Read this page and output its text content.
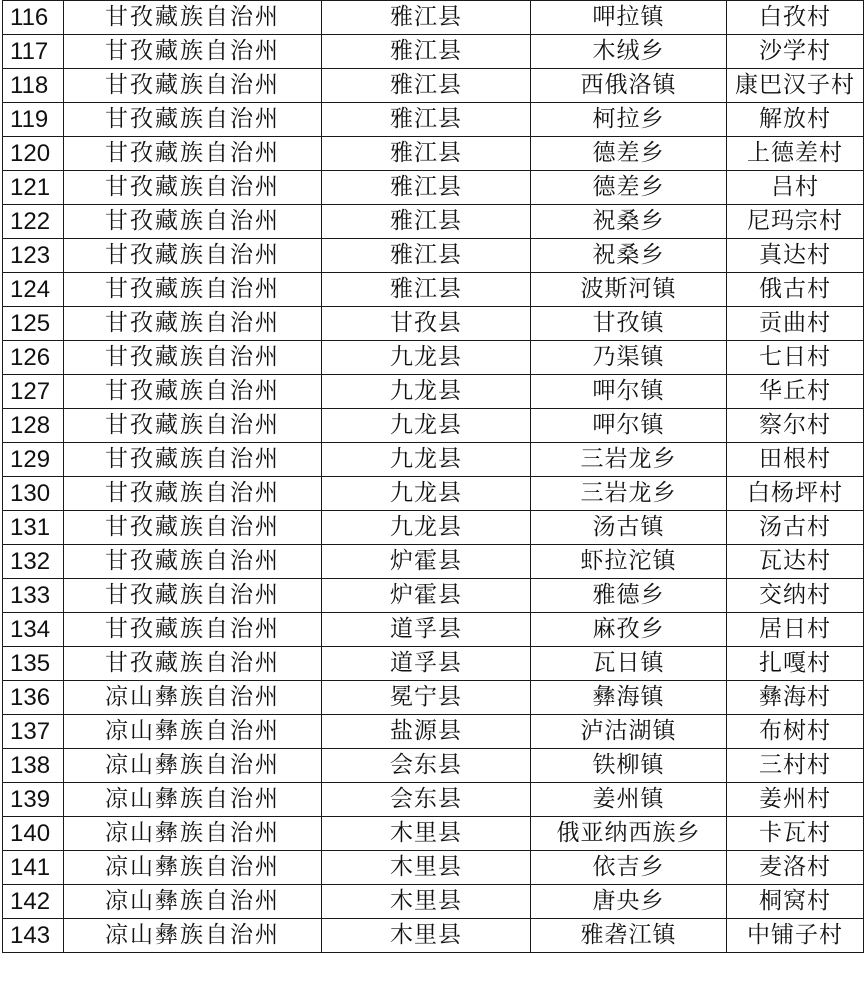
116	甘孜藏族自治州	雅江县	呷拉镇	白孜村
117	甘孜藏族自治州	雅江县	木绒乡	沙学村
118	甘孜藏族自治州	雅江县	西俄洛镇	康巴汉子村
119	甘孜藏族自治州	雅江县	柯拉乡	解放村
120	甘孜藏族自治州	雅江县	德差乡	上德差村
121	甘孜藏族自治州	雅江县	德差乡	吕村
122	甘孜藏族自治州	雅江县	祝桑乡	尼玛宗村
123	甘孜藏族自治州	雅江县	祝桑乡	真达村
124	甘孜藏族自治州	雅江县	波斯河镇	俄古村
125	甘孜藏族自治州	甘孜县	甘孜镇	贡曲村
126	甘孜藏族自治州	九龙县	乃渠镇	七日村
127	甘孜藏族自治州	九龙县	呷尔镇	华丘村
128	甘孜藏族自治州	九龙县	呷尔镇	察尔村
129	甘孜藏族自治州	九龙县	三岩龙乡	田根村
130	甘孜藏族自治州	九龙县	三岩龙乡	白杨坪村
131	甘孜藏族自治州	九龙县	汤古镇	汤古村
132	甘孜藏族自治州	炉霍县	虾拉沱镇	瓦达村
133	甘孜藏族自治州	炉霍县	雅德乡	交纳村
134	甘孜藏族自治州	道孚县	麻孜乡	居日村
135	甘孜藏族自治州	道孚县	瓦日镇	扎嘎村
136	凉山彝族自治州	冕宁县	彝海镇	彝海村
137	凉山彝族自治州	盐源县	泸沽湖镇	布树村
138	凉山彝族自治州	会东县	铁柳镇	三村村
139	凉山彝族自治州	会东县	姜州镇	姜州村
140	凉山彝族自治州	木里县	俄亚纳西族乡	卡瓦村
141	凉山彝族自治州	木里县	依吉乡	麦洛村
142	凉山彝族自治州	木里县	唐央乡	桐窝村
143	凉山彝族自治州	木里县	雅砻江镇	中铺子村
